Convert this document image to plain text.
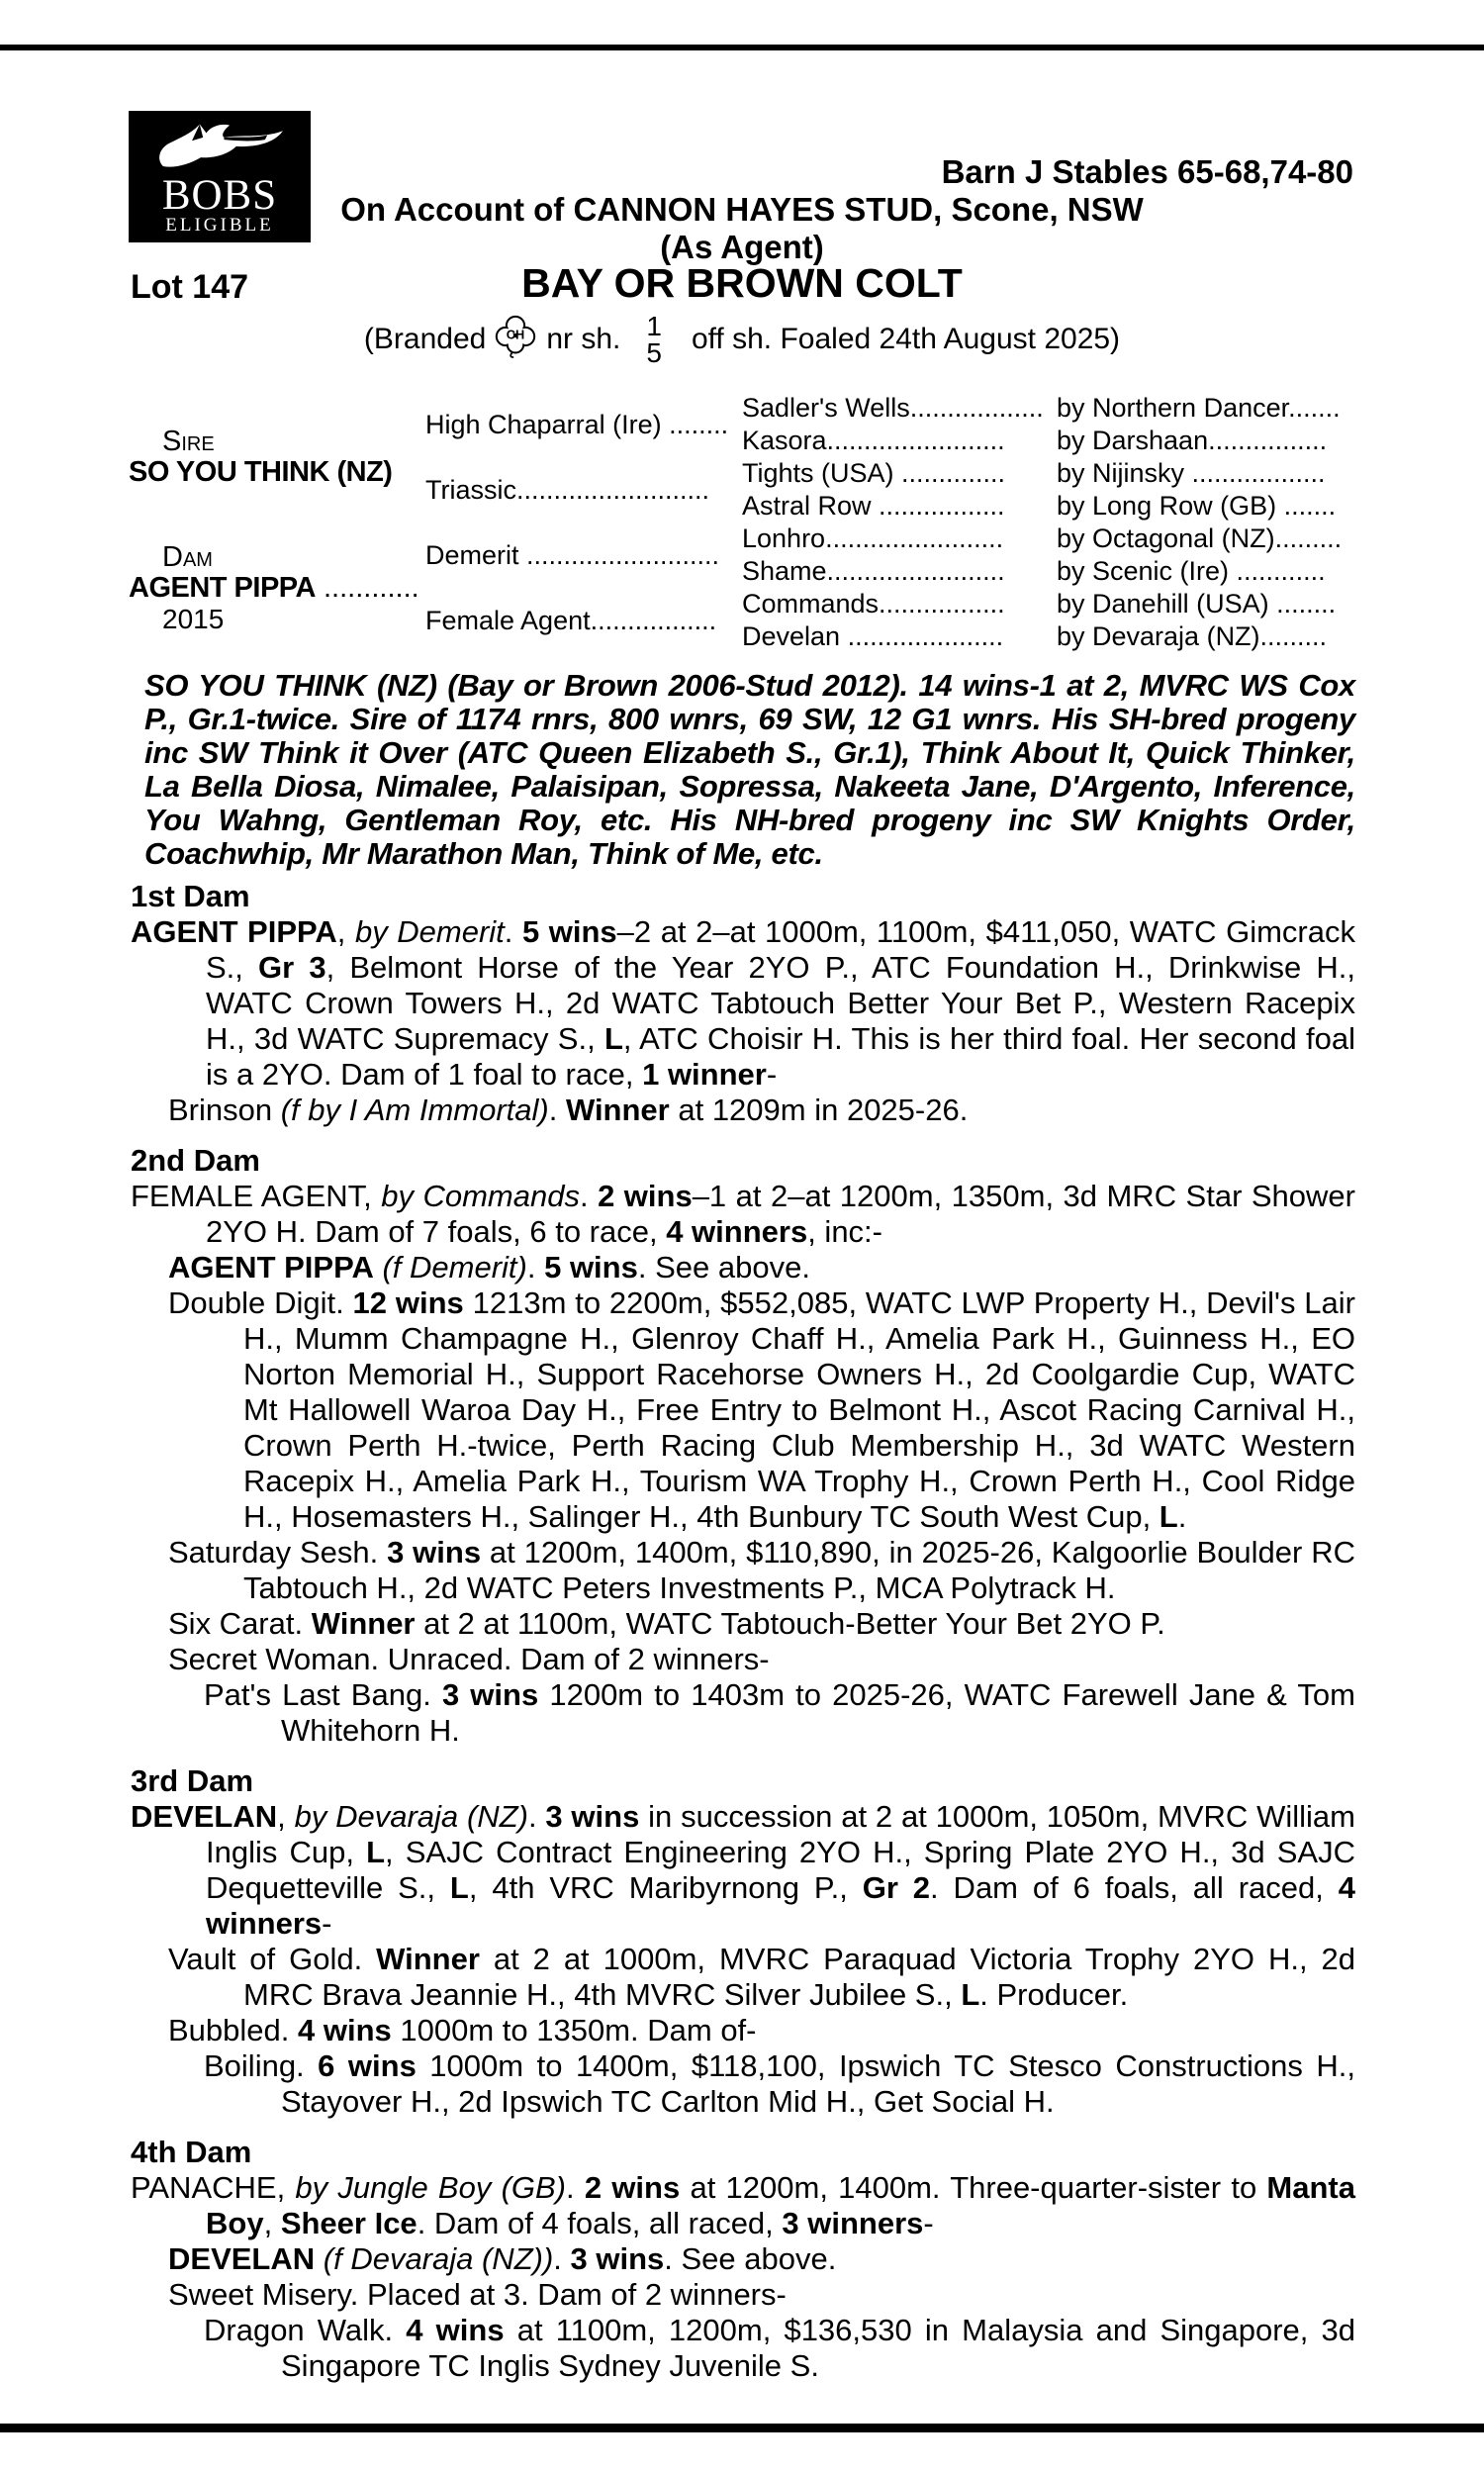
BOBS
ELIGIBLE
Barn J Stables 65-68,74-80
On Account of CANNON HAYES STUD, Scone, NSW
(As Agent)
Lot 147	BAY OR BROWN COLT
(Branded CH nr sh. 1
5 off sh. Foaled 24th August 2025)
Sire
SO YOU THINK (NZ)
Dam
AGENT PIPPA ............
2015
High Chaparral (Ire) ........
Triassic..........................
Demerit ..........................
Female Agent.................
Sadler's Wells..................
Kasora........................
Tights (USA) ..............
Astral Row .................
Lonhro........................
Shame........................
Commands.................
Develan .....................
by Northern Dancer.......
by Darshaan................
by Nijinsky ..................
by Long Row (GB) .......
by Octagonal (NZ).........
by Scenic (Ire) ............
by Danehill (USA) ........
by Devaraja (NZ).........
SO YOU THINK (NZ) (Bay or Brown 2006-Stud 2012). 14 wins-1 at 2, MVRC WS Cox P., Gr.1-twice. Sire of 1174 rnrs, 800 wnrs, 69 SW, 12 G1 wnrs. His SH-bred progeny inc SW Think it Over (ATC Queen Elizabeth S., Gr.1), Think About It, Quick Thinker, La Bella Diosa, Nimalee, Palaisipan, Sopressa, Nakeeta Jane, D'Argento, Inference, You Wahng, Gentleman Roy, etc. His NH-bred progeny inc SW Knights Order, Coachwhip, Mr Marathon Man, Think of Me, etc.
1st Dam
AGENT PIPPA, by Demerit. 5 wins–2 at 2–at 1000m, 1100m, $411,050, WATC Gimcrack S., Gr 3, Belmont Horse of the Year 2YO P., ATC Foundation H., Drinkwise H., WATC Crown Towers H., 2d WATC Tabtouch Better Your Bet P., Western Racepix H., 3d WATC Supremacy S., L, ATC Choisir H. This is her third foal. Her second foal is a 2YO. Dam of 1 foal to race, 1 winner-
Brinson (f by I Am Immortal). Winner at 1209m in 2025-26.
2nd Dam
FEMALE AGENT, by Commands. 2 wins–1 at 2–at 1200m, 1350m, 3d MRC Star Shower 2YO H. Dam of 7 foals, 6 to race, 4 winners, inc:-
AGENT PIPPA (f Demerit). 5 wins. See above.
Double Digit. 12 wins 1213m to 2200m, $552,085, WATC LWP Property H., Devil's Lair H., Mumm Champagne H., Glenroy Chaff H., Amelia Park H., Guinness H., EO Norton Memorial H., Support Racehorse Owners H., 2d Coolgardie Cup, WATC Mt Hallowell Waroa Day H., Free Entry to Belmont H., Ascot Racing Carnival H., Crown Perth H.-twice, Perth Racing Club Membership H., 3d WATC Western Racepix H., Amelia Park H., Tourism WA Trophy H., Crown Perth H., Cool Ridge H., Hosemasters H., Salinger H., 4th Bunbury TC South West Cup, L.
Saturday Sesh. 3 wins at 1200m, 1400m, $110,890, in 2025-26, Kalgoorlie Boulder RC Tabtouch H., 2d WATC Peters Investments P., MCA Polytrack H.
Six Carat. Winner at 2 at 1100m, WATC Tabtouch-Better Your Bet 2YO P.
Secret Woman. Unraced. Dam of 2 winners-
Pat's Last Bang. 3 wins 1200m to 1403m to 2025-26, WATC Farewell Jane & Tom Whitehorn H.
3rd Dam
DEVELAN, by Devaraja (NZ). 3 wins in succession at 2 at 1000m, 1050m, MVRC William Inglis Cup, L, SAJC Contract Engineering 2YO H., Spring Plate 2YO H., 3d SAJC Dequetteville S., L, 4th VRC Maribyrnong P., Gr 2. Dam of 6 foals, all raced, 4 winners-
Vault of Gold. Winner at 2 at 1000m, MVRC Paraquad Victoria Trophy 2YO H., 2d MRC Brava Jeannie H., 4th MVRC Silver Jubilee S., L. Producer.
Bubbled. 4 wins 1000m to 1350m. Dam of-
Boiling. 6 wins 1000m to 1400m, $118,100, Ipswich TC Stesco Constructions H., Stayover H., 2d Ipswich TC Carlton Mid H., Get Social H.
4th Dam
PANACHE, by Jungle Boy (GB). 2 wins at 1200m, 1400m. Three-quarter-sister to Manta Boy, Sheer Ice. Dam of 4 foals, all raced, 3 winners-
DEVELAN (f Devaraja (NZ)). 3 wins. See above.
Sweet Misery. Placed at 3. Dam of 2 winners-
Dragon Walk. 4 wins at 1100m, 1200m, $136,530 in Malaysia and Singapore, 3d Singapore TC Inglis Sydney Juvenile S.
